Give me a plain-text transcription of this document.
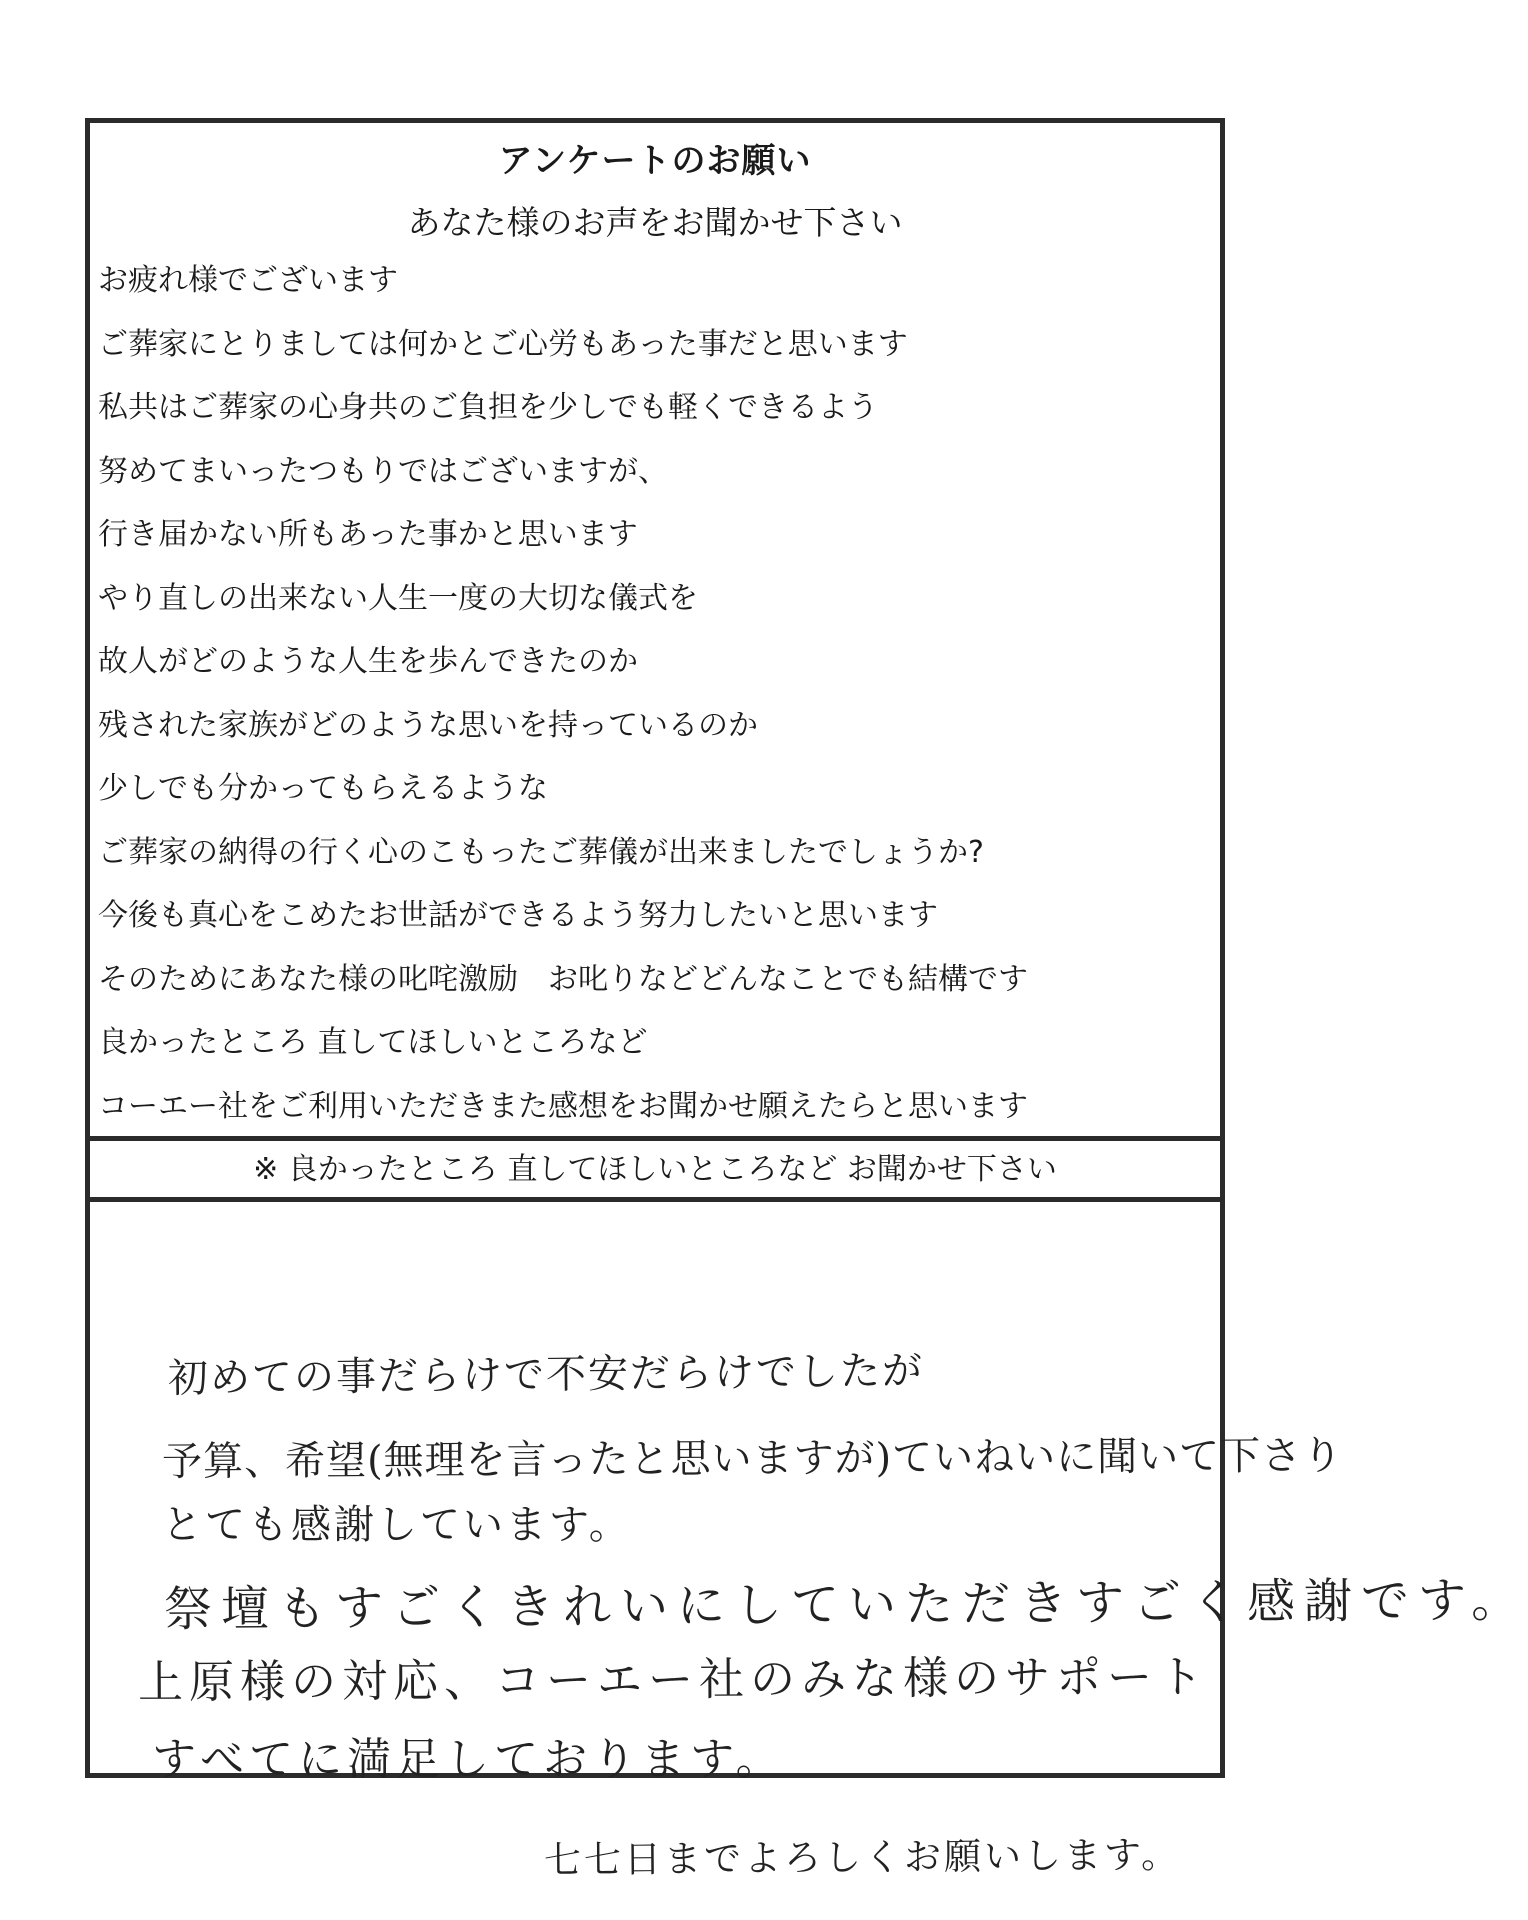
アンケートのお願い
あなた様のお声をお聞かせ下さい
お疲れ様でございます
ご葬家にとりましては何かとご心労もあった事だと思います
私共はご葬家の心身共のご負担を少しでも軽くできるよう
努めてまいったつもりではございますが、
行き届かない所もあった事かと思います
やり直しの出来ない人生一度の大切な儀式を
故人がどのような人生を歩んできたのか
残された家族がどのような思いを持っているのか
少しでも分かってもらえるような
ご葬家の納得の行く心のこもったご葬儀が出来ましたでしょうか?
今後も真心をこめたお世話ができるよう努力したいと思います
そのためにあなた様の叱咤激励　お叱りなどどんなことでも結構です
良かったところ 直してほしいところなど
コーエー社をご利用いただきまた感想をお聞かせ願えたらと思います
※ 良かったところ 直してほしいところなど お聞かせ下さい
初めての事だらけで不安だらけでしたが
予算、希望(無理を言ったと思いますが)ていねいに聞いて下さり
とても感謝しています。
祭壇もすごくきれいにしていただきすごく感謝です。
上原様の対応、コーエー社のみな様のサポート
すべてに満足しております。
七七日までよろしくお願いします。
